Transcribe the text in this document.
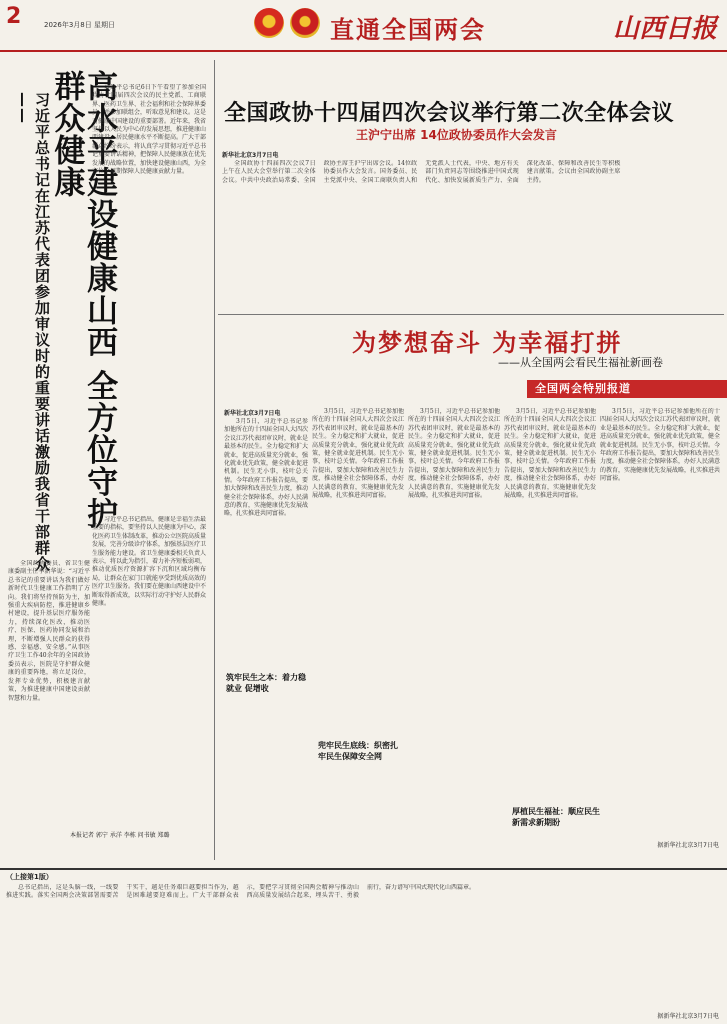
2	2026年3月8日 星期日	直通全国两会	山西日报
高水平建设健康山西 全方位守护群众健康
习近平总书记在江苏代表团参加审议时的重要讲话激励我省干部群众——

习近平总书记6日下午看望了参加全国政协十四届四次会议的民主党派、工商联界、医药卫生界、社会福利和社会保障界委员，并参加联组会，听取意见和建议。这是对健康中国建设的重要部署。近年来，我省坚持以人民为中心的发展思想，推进健康山西建设，居民健康水平不断提高。广大干部群众纷纷表示，将认真学习贯彻习近平总书记重要讲话精神，把保障人民健康放在优先发展的战略位置，加快建设健康山西，为全方位全周期保障人民健康贡献力量。

习近平总书记指出，健康是幸福生活最重要的指标，要坚持以人民健康为中心，深化医药卫生体制改革，推动公立医院高质量发展，完善分级诊疗体系，加强基层医疗卫生服务能力建设。省卫生健康委相关负责人表示，将以此为指引，着力补齐短板弱项，推动优质医疗资源扩容下沉和区域均衡布局，让群众在家门口就能享受到优质高效的医疗卫生服务。我们要在健康山西建设中不断取得新成效，以实际行动守护好人民群众健康。

全国政协委员、省卫生健康委副主任李新华说：“习近平总书记的重要讲话为我们做好新时代卫生健康工作指明了方向。我们将坚持预防为主，加强重大疾病防控，推进健康乡村建设，提升基层医疗服务能力，持续深化医改，推动医疗、医保、医药协同发展和治理，不断增强人民群众的获得感、幸福感、安全感。”从事医疗卫生工作40余年的全国政协委员表示，医院是守护群众健康的重要阵地，将立足岗位，发挥专业优势，积极建言献策，为推进健康中国建设贡献智慧和力量。

本报记者 郭宁 承洋 李栋 问书敏 郑璐
全国政协十四届四次会议举行第二次全体会议
王沪宁出席 14位政协委员作大会发言
新华社北京3月7日电

全国政协十四届四次会议7日上午在人民大会堂举行第二次全体会议。中共中央政治局常委、全国政协主席王沪宁出席会议。14位政协委员作大会发言。国务委员、民主党派中央、全国工商联负责人和无党派人士代表，中央、地方有关部门负责同志等围绕推进中国式现代化、加快发展新质生产力、全面深化改革、保障和改善民生等积极建言献策。会议由全国政协副主席主持。

为梦想奋斗 为幸福打拼
——从全国两会看民生福祉新画卷
全国两会特别报道
新华社北京3月7日电

3月5日，习近平总书记参加他所在的十四届全国人大四次会议江苏代表团审议时，就业是最基本的民生。全力稳定和扩大就业，促进高质量充分就业，强化就业优先政策，健全就业促进机制。民生无小事，枝叶总关情。今年政府工作报告提出，要加大保障和改善民生力度，推动健全社会保障体系，办好人民满意的教育，实施健康优先发展战略，扎实推进共同富裕。

3月5日，习近平总书记参加他所在的十四届全国人大四次会议江苏代表团审议时，就业是最基本的民生。全力稳定和扩大就业，促进高质量充分就业，强化就业优先政策，健全就业促进机制。民生无小事，枝叶总关情。今年政府工作报告提出，要加大保障和改善民生力度，推动健全社会保障体系，办好人民满意的教育，实施健康优先发展战略，扎实推进共同富裕。

筑牢民生之本：着力稳就业 促增收

3月5日，习近平总书记参加他所在的十四届全国人大四次会议江苏代表团审议时，就业是最基本的民生。全力稳定和扩大就业，促进高质量充分就业，强化就业优先政策，健全就业促进机制。民生无小事，枝叶总关情。今年政府工作报告提出，要加大保障和改善民生力度，推动健全社会保障体系，办好人民满意的教育，实施健康优先发展战略，扎实推进共同富裕。

兜牢民生底线：织密扎牢民生保障安全网

3月5日，习近平总书记参加他所在的十四届全国人大四次会议江苏代表团审议时，就业是最基本的民生。全力稳定和扩大就业，促进高质量充分就业，强化就业优先政策，健全就业促进机制。民生无小事，枝叶总关情。今年政府工作报告提出，要加大保障和改善民生力度，推动健全社会保障体系，办好人民满意的教育，实施健康优先发展战略，扎实推进共同富裕。

厚植民生福祉：顺应民生 新需求新期盼

3月5日，习近平总书记参加他所在的十四届全国人大四次会议江苏代表团审议时，就业是最基本的民生。全力稳定和扩大就业，促进高质量充分就业，强化就业优先政策，健全就业促进机制。民生无小事，枝叶总关情。今年政府工作报告提出，要加大保障和改善民生力度，推动健全社会保障体系，办好人民满意的教育，实施健康优先发展战略，扎实推进共同富裕。

据新华社北京3月7日电
（上接第1版）

总书记指出，这是头脑一线，一线要推进实践。落实全国两会决策部署需要苦干实干，越是任务艰巨越要担当作为，越是困难越要迎难而上。广大干部群众表示，要把学习贯彻全国两会精神与推动山西高质量发展结合起来，埋头苦干、勇毅前行，奋力谱写中国式现代化山西篇章。

据新华社北京3月7日电
